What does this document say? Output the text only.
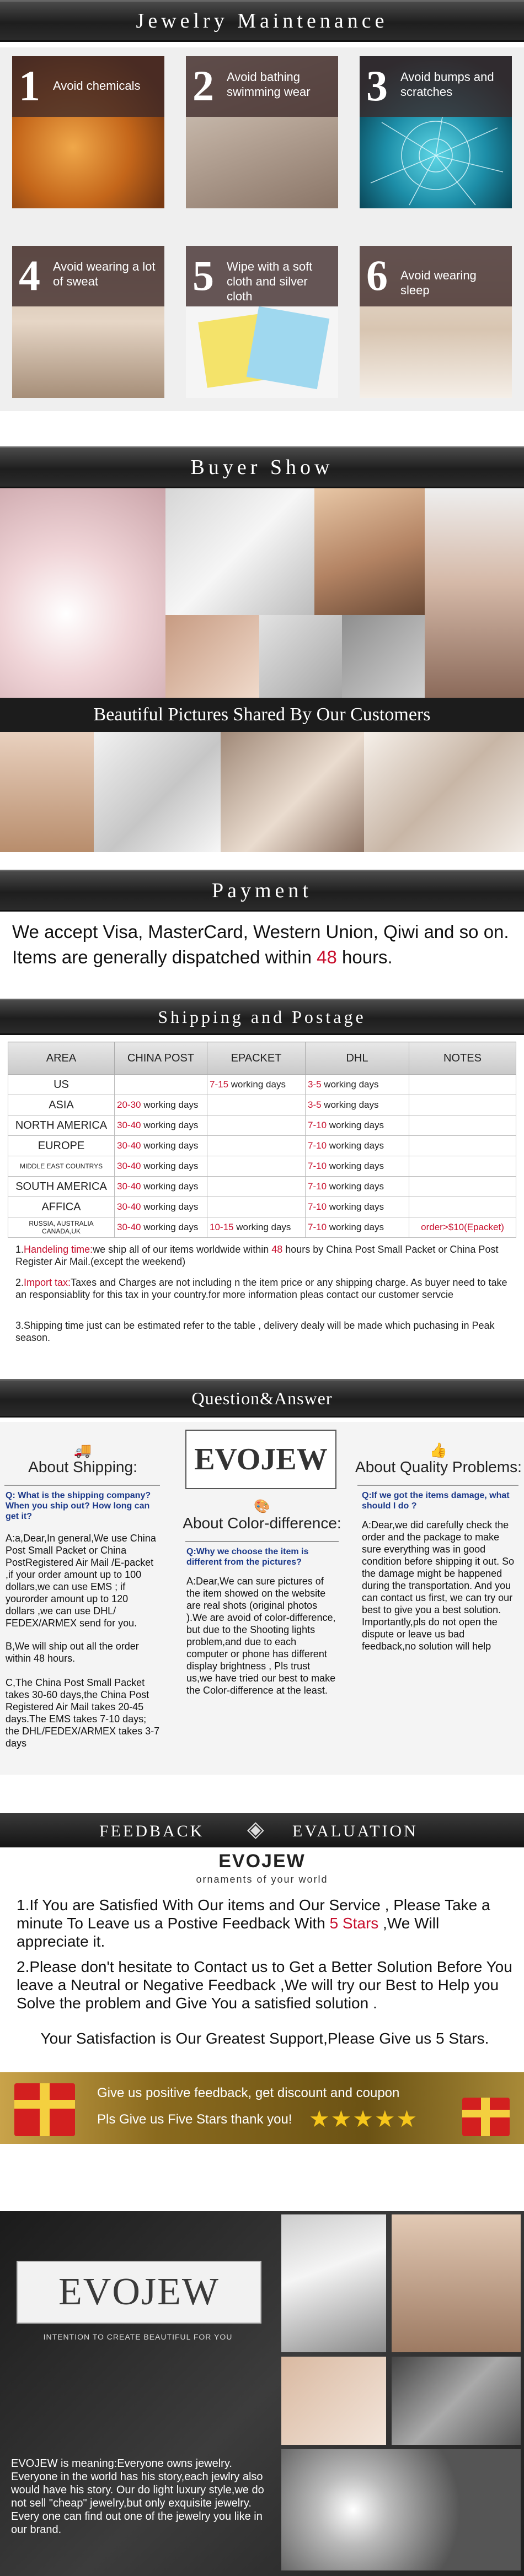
Jewelry Maintenance
1 Avoid chemicals	2 Avoid bathing swimming wear	3 Avoid bumps and scratches
4 Avoid wearing a lot of sweat	5 Wipe with a soft cloth and silver cloth	6 Avoid wearing sleep
Buyer Show
Beautiful Pictures Shared By Our Customers
Payment
We accept Visa, MasterCard, Western Union, Qiwi and so on.
Items are generally dispatched within 48 hours.
Shipping and Postage
AREA	CHINA POST	EPACKET	DHL	NOTES
US		7-15 working days	3-5 working days	
ASIA	20-30 working days		3-5 working days	
NORTH AMERICA	30-40 working days		7-10 working days	
EUROPE	30-40 working days		7-10 working days	
MIDDLE EAST COUNTRYS	30-40 working days		7-10 working days	
SOUTH AMERICA	30-40 working days		7-10 working days	
AFFICA	30-40 working days		7-10 working days	
RUSSIA, AUSTRALIA CANADA,UK	30-40 working days	10-15 working days	7-10 working days	order>$10(Epacket)
1.Handeling time:we ship all of our items worldwide within 48 hours by China Post Small Packet or China Post Register Air Mail.(except the weekend)
2.Import tax:Taxes and Charges are not including n the item price or any shipping charge. As buyer need to take an responsiablity for this tax in your country.for more information pleas contact our customer servcie
3.Shipping time just can be estimated refer to the table , delivery dealy will be made which puchasing in Peak season.
Question&Answer
🚚
About Shipping:
Q: What is the shipping company? When you ship out? How long can get it?
A:a,Dear,In general,We use China Post Small Packet or China PostRegistered Air Mail /E-packet ,if your order amount up to 100 dollars,we can use EMS ; if yourorder amount up to 120 dollars ,we can use DHL/ FEDEX/ARMEX send for you.
B,We will ship out all the order within 48 hours.
C,The China Post Small Packet takes 30-60 days,the China Post Registered Air Mail takes 20-45 days.The EMS takes 7-10 days; the DHL/FEDEX/ARMEX takes 3-7 days
EVOJEW
🎨
About Color-difference:
Q:Why we choose the item is different from the pictures?
A:Dear,We can sure pictures of the item showed on the website are real shots (original photos ).We are avoid of color-difference, but due to the Shooting lights problem,and due to each computer or phone has different display brightness , Pls trust us,we have tried our best to make the Color-difference at the least.
👍
About Quality Problems:
Q:If we got the items damage, what should I do ?
A:Dear,we did carefully check the order and the package to make sure everything was in good condition before shipping it out. So the damage might be happened during the transportation. And you can contact us first, we can try our best to give you a best solution. Importantly,pls do not open the dispute or leave us bad feedback,no solution will help
FEEDBACK ◈ EVALUATION
EVOJEW
ornaments of your world
1.If You are Satisfied With Our items and Our Service , Please Take a minute To Leave us a Postive Feedback With 5 Stars ,We Will appreciate it.
2.Please don't hesitate to Contact us to Get a Better Solution Before You leave a Neutral or Negative Feedback ,We will try our Best to Help you Solve the problem and Give You a satisfied solution .
Your Satisfaction is Our Greatest Support,Please Give us 5 Stars.
Give us positive feedback, get discount and coupon
Pls Give us Five Stars thank you! ★★★★★
EVOJEW
INTENTION TO CREATE BEAUTIFUL FOR YOU
EVOJEW is meaning:Everyone owns jewelry. Everyone in the world has his story,each jewlry also would have his story. Our do light luxury style,we do not sell "cheap" jewelry,but only exquisite jewelry. Every one can find out one of the jewelry you like in our brand.
